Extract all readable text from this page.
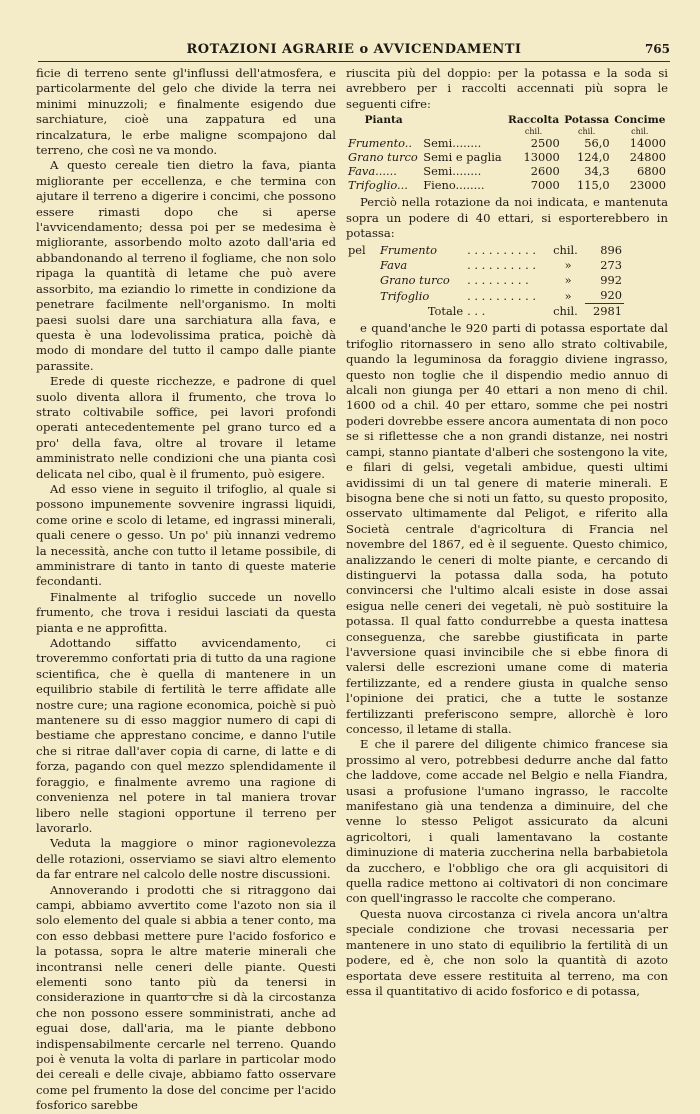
ROTAZIONI AGRARIE o AVVICENDAMENTI	765

ficie di terreno sente gl'influssi dell'atmosfera, e particolarmente del gelo che divide la terra nei minimi minuzzoli; e finalmente esigendo due sarchiature, cioè una zappatura ed una rincalzatura, le erbe maligne scompajono dal terreno, che così ne va mondo.

A questo cereale tien dietro la fava, pianta migliorante per eccellenza, e che termina con ajutare il terreno a digerire i concimi, che possono essere rimasti dopo che si aperse l'avvicendamento; dessa poi per se medesima è migliorante, assorbendo molto azoto dall'aria ed abbandonando al terreno il fogliame, che non solo ripaga la quantità di letame che può avere assorbito, ma eziandio lo rimette in condizione da penetrare facilmente nell'organismo. In molti paesi suolsi dare una sarchiatura alla fava, e questa è una lodevolissima pratica, poichè dà modo di mondare del tutto il campo dalle piante parassite.

Erede di queste ricchezze, e padrone di quel suolo diventa allora il frumento, che trova lo strato coltivabile soffice, pei lavori profondi operati antecedentemente pel grano turco ed a pro' della fava, oltre al trovare il letame amministrato nelle condizioni che una pianta così delicata nel cibo, qual è il frumento, può esigere.

Ad esso viene in seguito il trifoglio, al quale si possono impunemente sovvenire ingrassi liquidi, come orine e scolo di letame, ed ingrassi minerali, quali cenere o gesso. Un po' più innanzi vedremo la necessità, anche con tutto il letame possibile, di amministrare di tanto in tanto di queste materie fecondanti.

Finalmente al trifoglio succede un novello frumento, che trova i residui lasciati da questa pianta e ne approfitta.

Adottando siffatto avvicendamento, ci troveremmo confortati pria di tutto da una ragione scientifica, che è quella di mantenere in un equilibrio stabile di fertilità le terre affidate alle nostre cure; una ragione economica, poichè si può mantenere su di esso maggior numero di capi di bestiame che apprestano concime, e danno l'utile che si ritrae dall'aver copia di carne, di latte e di forza, pagando con quel mezzo splendidamente il foraggio, e finalmente avremo una ragione di convenienza nel potere in tal maniera trovar libero nelle stagioni opportune il terreno per lavorarlo.

Veduta la maggiore o minor ragionevolezza delle rotazioni, osserviamo se siavi altro elemento da far entrare nel calcolo delle nostre discussioni.

Annoverando i prodotti che si ritraggono dai campi, abbiamo avvertito come l'azoto non sia il solo elemento del quale si abbia a tener conto, ma con esso debbasi mettere pure l'acido fosforico e la potassa, sopra le altre materie minerali che incontransi nelle ceneri delle piante. Questi elementi sono tanto più da tenersi in considerazione in quanto che si dà la circostanza che non possono essere somministrati, anche ad eguai dose, dall'aria, ma le piante debbono indispensabilmente cercarle nel terreno. Quando poi è venuta la volta di parlare in particolar modo dei cereali e delle civaje, abbiamo fatto osservare come pel frumento la dose del concime per l'acido fosforico sarebbe

riuscita più del doppio: per la potassa e la soda si avrebbero per i raccolti accennati più sopra le seguenti cifre:

Pianta		Raccolta	Potassa	Concime
		chil.	chil.	chil.
Frumento..	Semi........	2500	56,0	14000
Grano turco	Semi e paglia	13000	124,0	24800
Fava......	Semi........	2600	34,3	6800
Trifoglio...	Fieno........	7000	115,0	23000

Perciò nella rotazione da noi indicata, e mantenuta sopra un podere di 40 ettari, si esporterebbero in potassa:

pel	Frumento	. . . . . . . . . .	chil.	896	
	Fava	. . . . . . . . . .	»	273	
	Grano turco	. . . . . . . . .	»	992	
	Trifoglio	. . . . . . . . . .	»	920	
	Totale	. . .	chil.	2981	

e quand'anche le 920 parti di potassa esportate dal trifoglio ritornassero in seno allo strato coltivabile, quando la leguminosa da foraggio diviene ingrasso, questo non toglie che il dispendio medio annuo di alcali non giunga per 40 ettari a non meno di chil. 1600 od a chil. 40 per ettaro, somme che pei nostri poderi dovrebbe essere ancora aumentata di non poco se si riflettesse che a non grandi distanze, nei nostri campi, stanno piantate d'alberi che sostengono la vite, e filari di gelsi, vegetali ambidue, questi ultimi avidissimi di un tal genere di materie minerali. E bisogna bene che si noti un fatto, su questo proposito, osservato ultimamente dal Peligot, e riferito alla Società centrale d'agricoltura di Francia nel novembre del 1867, ed è il seguente. Questo chimico, analizzando le ceneri di molte piante, e cercando di distinguervi la potassa dalla soda, ha potuto convincersi che l'ultimo alcali esiste in dose assai esigua nelle ceneri dei vegetali, nè può sostituire la potassa. Il qual fatto condurrebbe a questa inattesa conseguenza, che sarebbe giustificata in parte l'avversione quasi invincibile che si ebbe finora di valersi delle escrezioni umane come di materia fertilizzante, ed a rendere giusta in qualche senso l'opinione dei pratici, che a tutte le sostanze fertilizzanti preferiscono sempre, allorchè è loro concesso, il letame di stalla.

E che il parere del diligente chimico francese sia prossimo al vero, potrebbesi dedurre anche dal fatto che laddove, come accade nel Belgio e nella Fiandra, usasi a profusione l'umano ingrasso, le raccolte manifestano già una tendenza a diminuire, del che venne lo stesso Peligot assicurato da alcuni agricoltori, i quali lamentavano la costante diminuzione di materia zuccherina nella barbabietola da zucchero, e l'obbligo che ora gli acquisitori di quella radice mettono ai coltivatori di non concimare con quell'ingrasso le raccolte che comperano.

Questa nuova circostanza ci rivela ancora un'altra speciale condizione che trovasi necessaria per mantenere in uno stato di equilibrio la fertilità di un podere, ed è, che non solo la quantità di azoto esportata deve essere restituita al terreno, ma con essa il quantitativo di acido fosforico e di potassa,
